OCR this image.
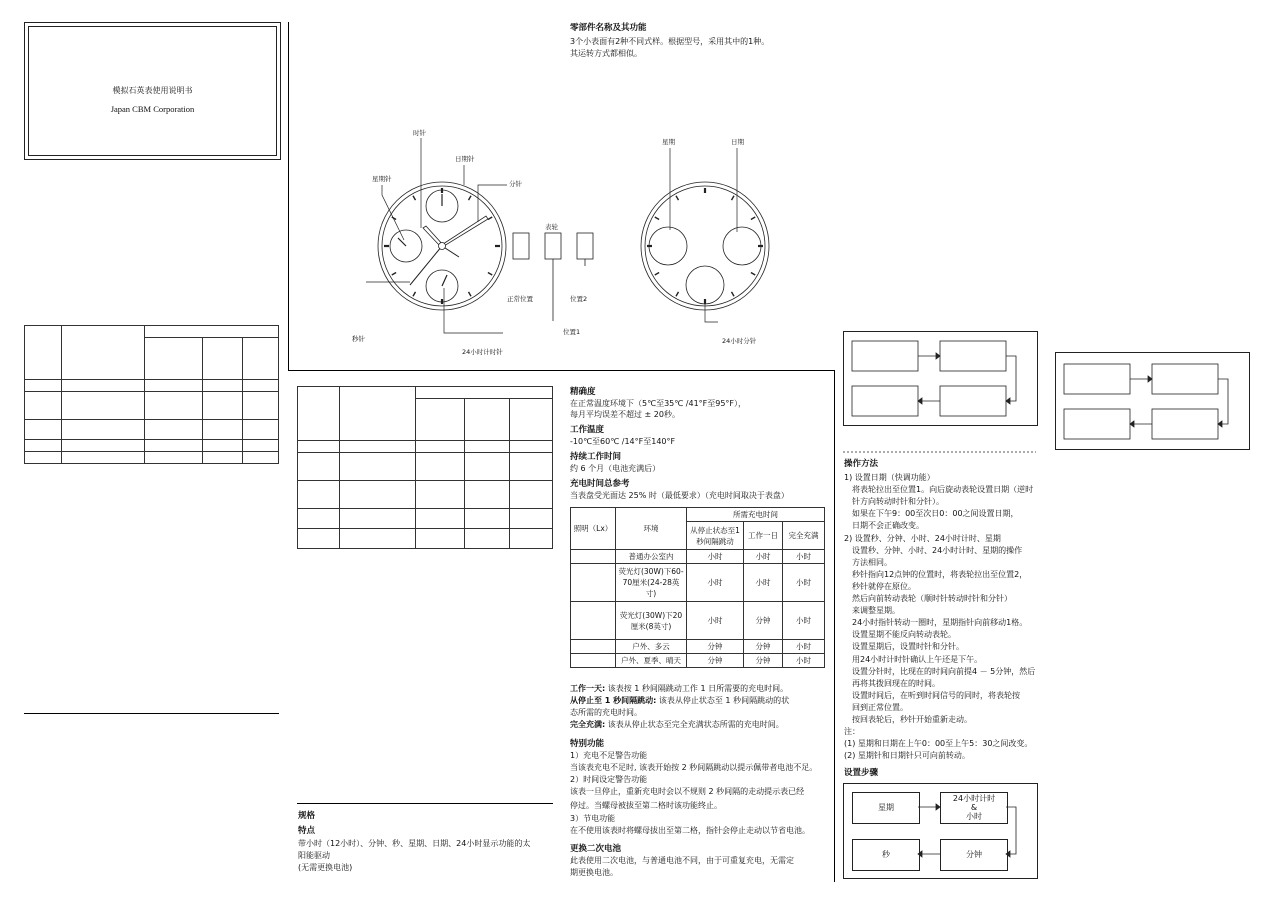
模拟石英表使用说明书
Japan CBM Corporation

零部件名称及其功能
3个小表面有2种不同式样。根据型号，采用其中的1种。
其运转方式都相似。
时针
日期针
分针
星期针
秒针
24小时计时针
表轮
正常位置
位置1
位置2
星期	日期
24小时分针

精确度
在正常温度环境下（5℃至35℃ /41°F至95°F），
每月平均误差不超过 ± 20秒。
工作温度
-10℃至60℃ /14°F至140°F
持续工作时间
约 6 个月（电池充满后）
充电时间总参考
当表盘受光面达 25% 时（最低要求）（充电时间取决于表盘）
照明（Lx）	环境	所需充电时间		
		从停止状态至1秒间隔跳动	工作一日	完全充满
	普通办公室内	小时	小时	小时
	荧光灯(30W)下60-70厘米(24-28英寸)	小时	小时	小时
	荧光灯(30W)下20厘米(8英寸)	小时	分钟	小时
	户外、多云	分钟	分钟	小时
	户外、夏季、晴天	分钟	分钟	小时
工作一天: 该表按 1 秒间隔跳动工作 1 日所需要的充电时间。
从停止至 1 秒间隔跳动: 该表从停止状态至 1 秒间隔跳动的状
态所需的充电时间。
完全充满: 该表从停止状态至完全充满状态所需的充电时间。
特别功能
1）充电不足警告功能
当该表充电不足时, 该表开始按 2 秒间隔跳动以提示佩带者电池不足。
2）时间设定警告功能
该表一旦停止，重新充电时会以不规则 2 秒间隔的走动提示表已经
停过。当螺母被拔至第二格时该功能终止。
3）节电功能
在不使用该表时将螺母拔出至第二格，指针会停止走动以节省电池。
更换二次电池
此表使用二次电池，与普通电池不同，由于可重复充电，无需定
期更换电池。
规格
特点
带小时（12小时）、分钟、秒、星期、日期、24小时显示功能的太
阳能驱动
(无需更换电池)
操作方法
1) 设置日期（快调功能）
　将表轮拉出至位置1。向后旋动表轮设置日期（逆时
　针方向转动时针和分针）。
　如果在下午9：00至次日0：00之间设置日期，
　日期不会正确改变。
2) 设置秒、分钟、小时、24小时计时、星期
　设置秒、分钟、小时、24小时计时、星期的操作
　方法相同。
　秒针指向12点钟的位置时，将表轮拉出至位置2，
　秒针就停在原位。
　然后向前转动表轮（顺时针转动时针和分针）
　来调整星期。
　24小时指针转动一圈时，星期指针向前移动1格。
　设置星期不能反向转动表轮。
　设置星期后，设置时针和分针。
　用24小时计时针确认上午还是下午。
　设置分针时，比现在的时间向前提4 － 5分钟，然后
　再将其拨回现在的时间。
　设置时间后，在听到时间信号的同时，将表轮按
　回到正常位置。
　按回表轮后，秒针开始重新走动。
注：
(1) 星期和日期在上午0：00至上午5：30之间改变。
(2) 星期针和日期针只可向前转动。
设置步骤
星期
24小时计时
&
小时
秒	分钟
